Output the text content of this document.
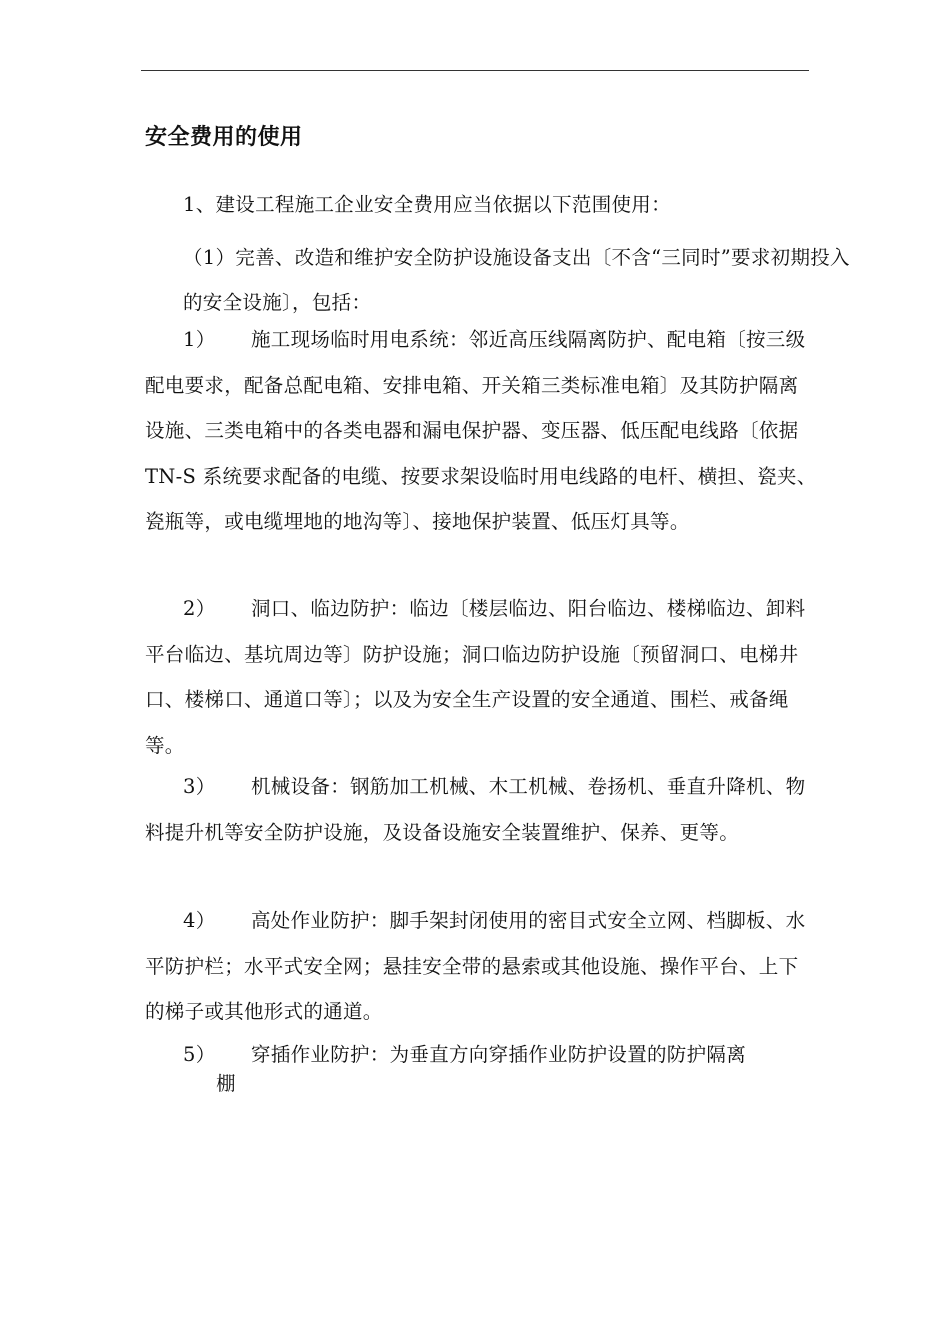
安全费用的使用
1、建设工程施工企业安全费用应当依据以下范围使用：
（1）完善、改造和维护安全防护设施设备支出〔不含“三同时”要求初期投入的安全设施〕，包括：
1） 施工现场临时用电系统：邻近高压线隔离防护、配电箱〔按三级配电要求，配备总配电箱、安排电箱、开关箱三类标准电箱〕及其防护隔离设施、三类电箱中的各类电器和漏电保护器、变压器、低压配电线路〔依据 TN-S 系统要求配备的电缆、按要求架设临时用电线路的电杆、横担、瓷夹、瓷瓶等，或电缆埋地的地沟等〕、接地保护装置、低压灯具等。
2） 洞口、临边防护：临边〔楼层临边、阳台临边、楼梯临边、卸料平台临边、基坑周边等〕防护设施；洞口临边防护设施〔预留洞口、电梯井口、楼梯口、通道口等〕；以及为安全生产设置的安全通道、围栏、戒备绳等。
3） 机械设备：钢筋加工机械、木工机械、卷扬机、垂直升降机、物料提升机等安全防护设施，及设备设施安全装置维护、保养、更等。
4） 高处作业防护：脚手架封闭使用的密目式安全立网、档脚板、水平防护栏；水平式安全网；悬挂安全带的悬索或其他设施、操作平台、上下的梯子或其他形式的通道。
5） 穿插作业防护：为垂直方向穿插作业防护设置的防护隔离
棚
